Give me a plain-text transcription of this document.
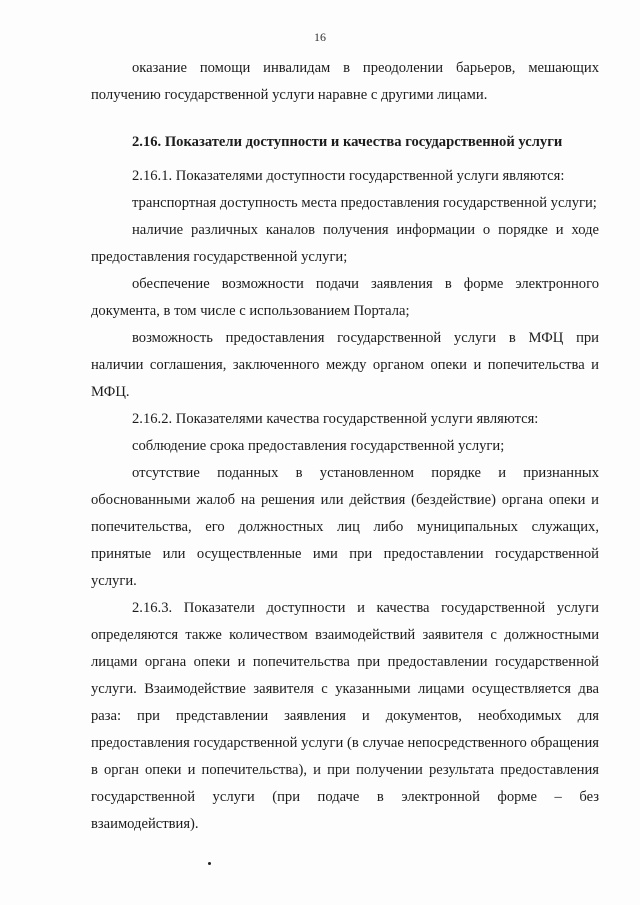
16

оказание помощи инвалидам в преодолении барьеров, мешающих получению государственной услуги наравне с другими лицами.

2.16. Показатели доступности и качества государственной услуги

2.16.1. Показателями доступности государственной услуги являются:

транспортная доступность места предоставления государственной услуги;

наличие различных каналов получения информации о порядке и ходе предоставления государственной услуги;

обеспечение возможности подачи заявления в форме электронного документа, в том числе с использованием Портала;

возможность предоставления государственной услуги в МФЦ при наличии соглашения, заключенного между органом опеки и попечительства и МФЦ.

2.16.2. Показателями качества государственной услуги являются:

соблюдение срока предоставления государственной услуги;

отсутствие поданных в установленном порядке и признанных обоснованными жалоб на решения или действия (бездействие) органа опеки и попечительства, его должностных лиц либо муниципальных служащих, принятые или осуществленные ими при предоставлении государственной услуги.

2.16.3. Показатели доступности и качества государственной услуги определяются также количеством взаимодействий заявителя с должностными лицами органа опеки и попечительства при предоставлении государственной услуги. Взаимодействие заявителя с указанными лицами осуществляется два раза: при представлении заявления и документов, необходимых для предоставления государственной услуги (в случае непосредственного обращения в орган опеки и попечительства), и при получении результата предоставления государственной услуги (при подаче в электронной форме – без взаимодействия).
